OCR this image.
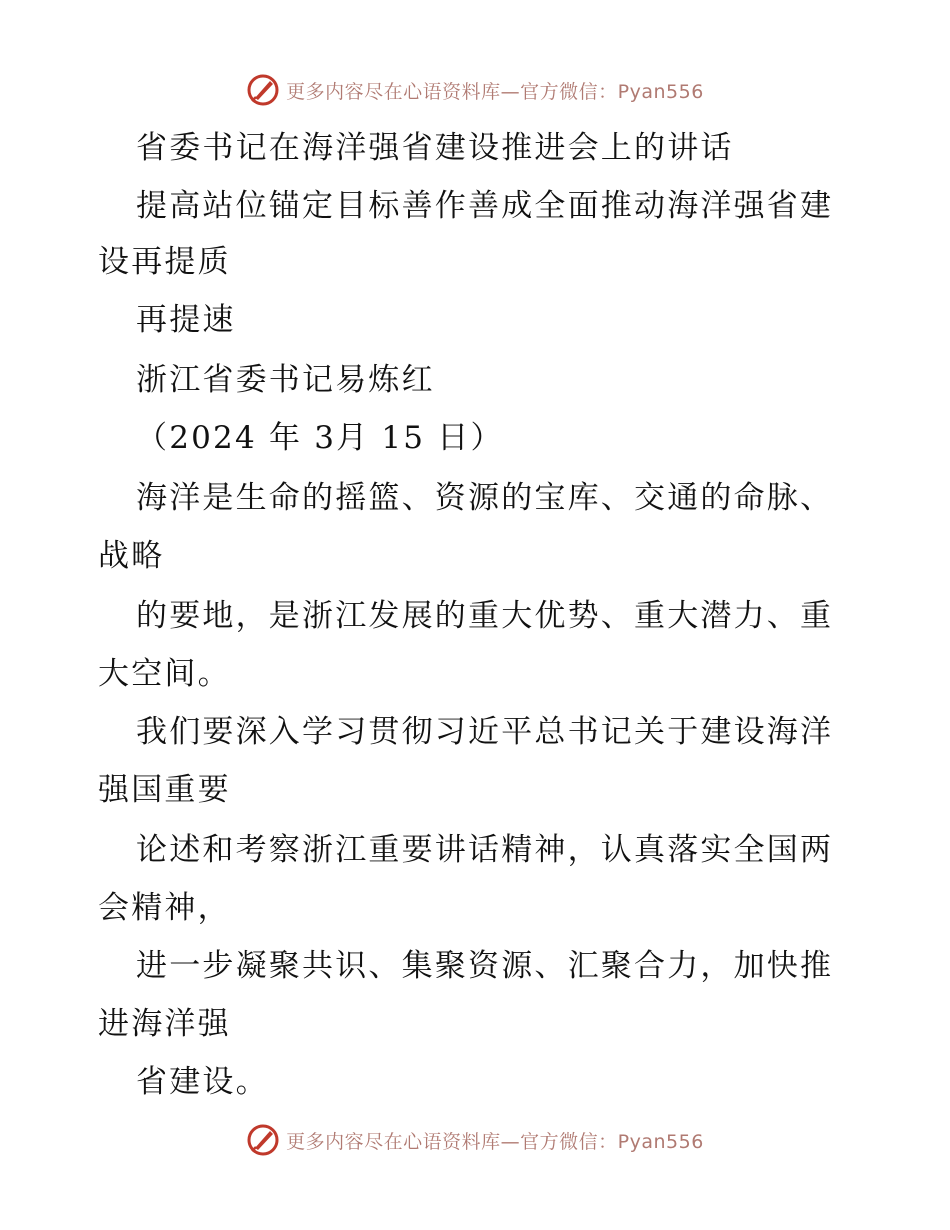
更多内容尽在心语资料库—官方微信：Pyan556
省委书记在海洋强省建设推进会上的讲话
提高站位锚定目标善作善成全面推动海洋强省建
设再提质
再提速
浙江省委书记易炼红
（2024 年 3月 15 日）
海洋是生命的摇篮、资源的宝库、交通的命脉、
战略
的要地，是浙江发展的重大优势、重大潜力、重
大空间。
我们要深入学习贯彻习近平总书记关于建设海洋
强国重要
论述和考察浙江重要讲话精神，认真落实全国两
会精神，
进一步凝聚共识、集聚资源、汇聚合力，加快推
进海洋强
省建设。
更多内容尽在心语资料库—官方微信：Pyan556
